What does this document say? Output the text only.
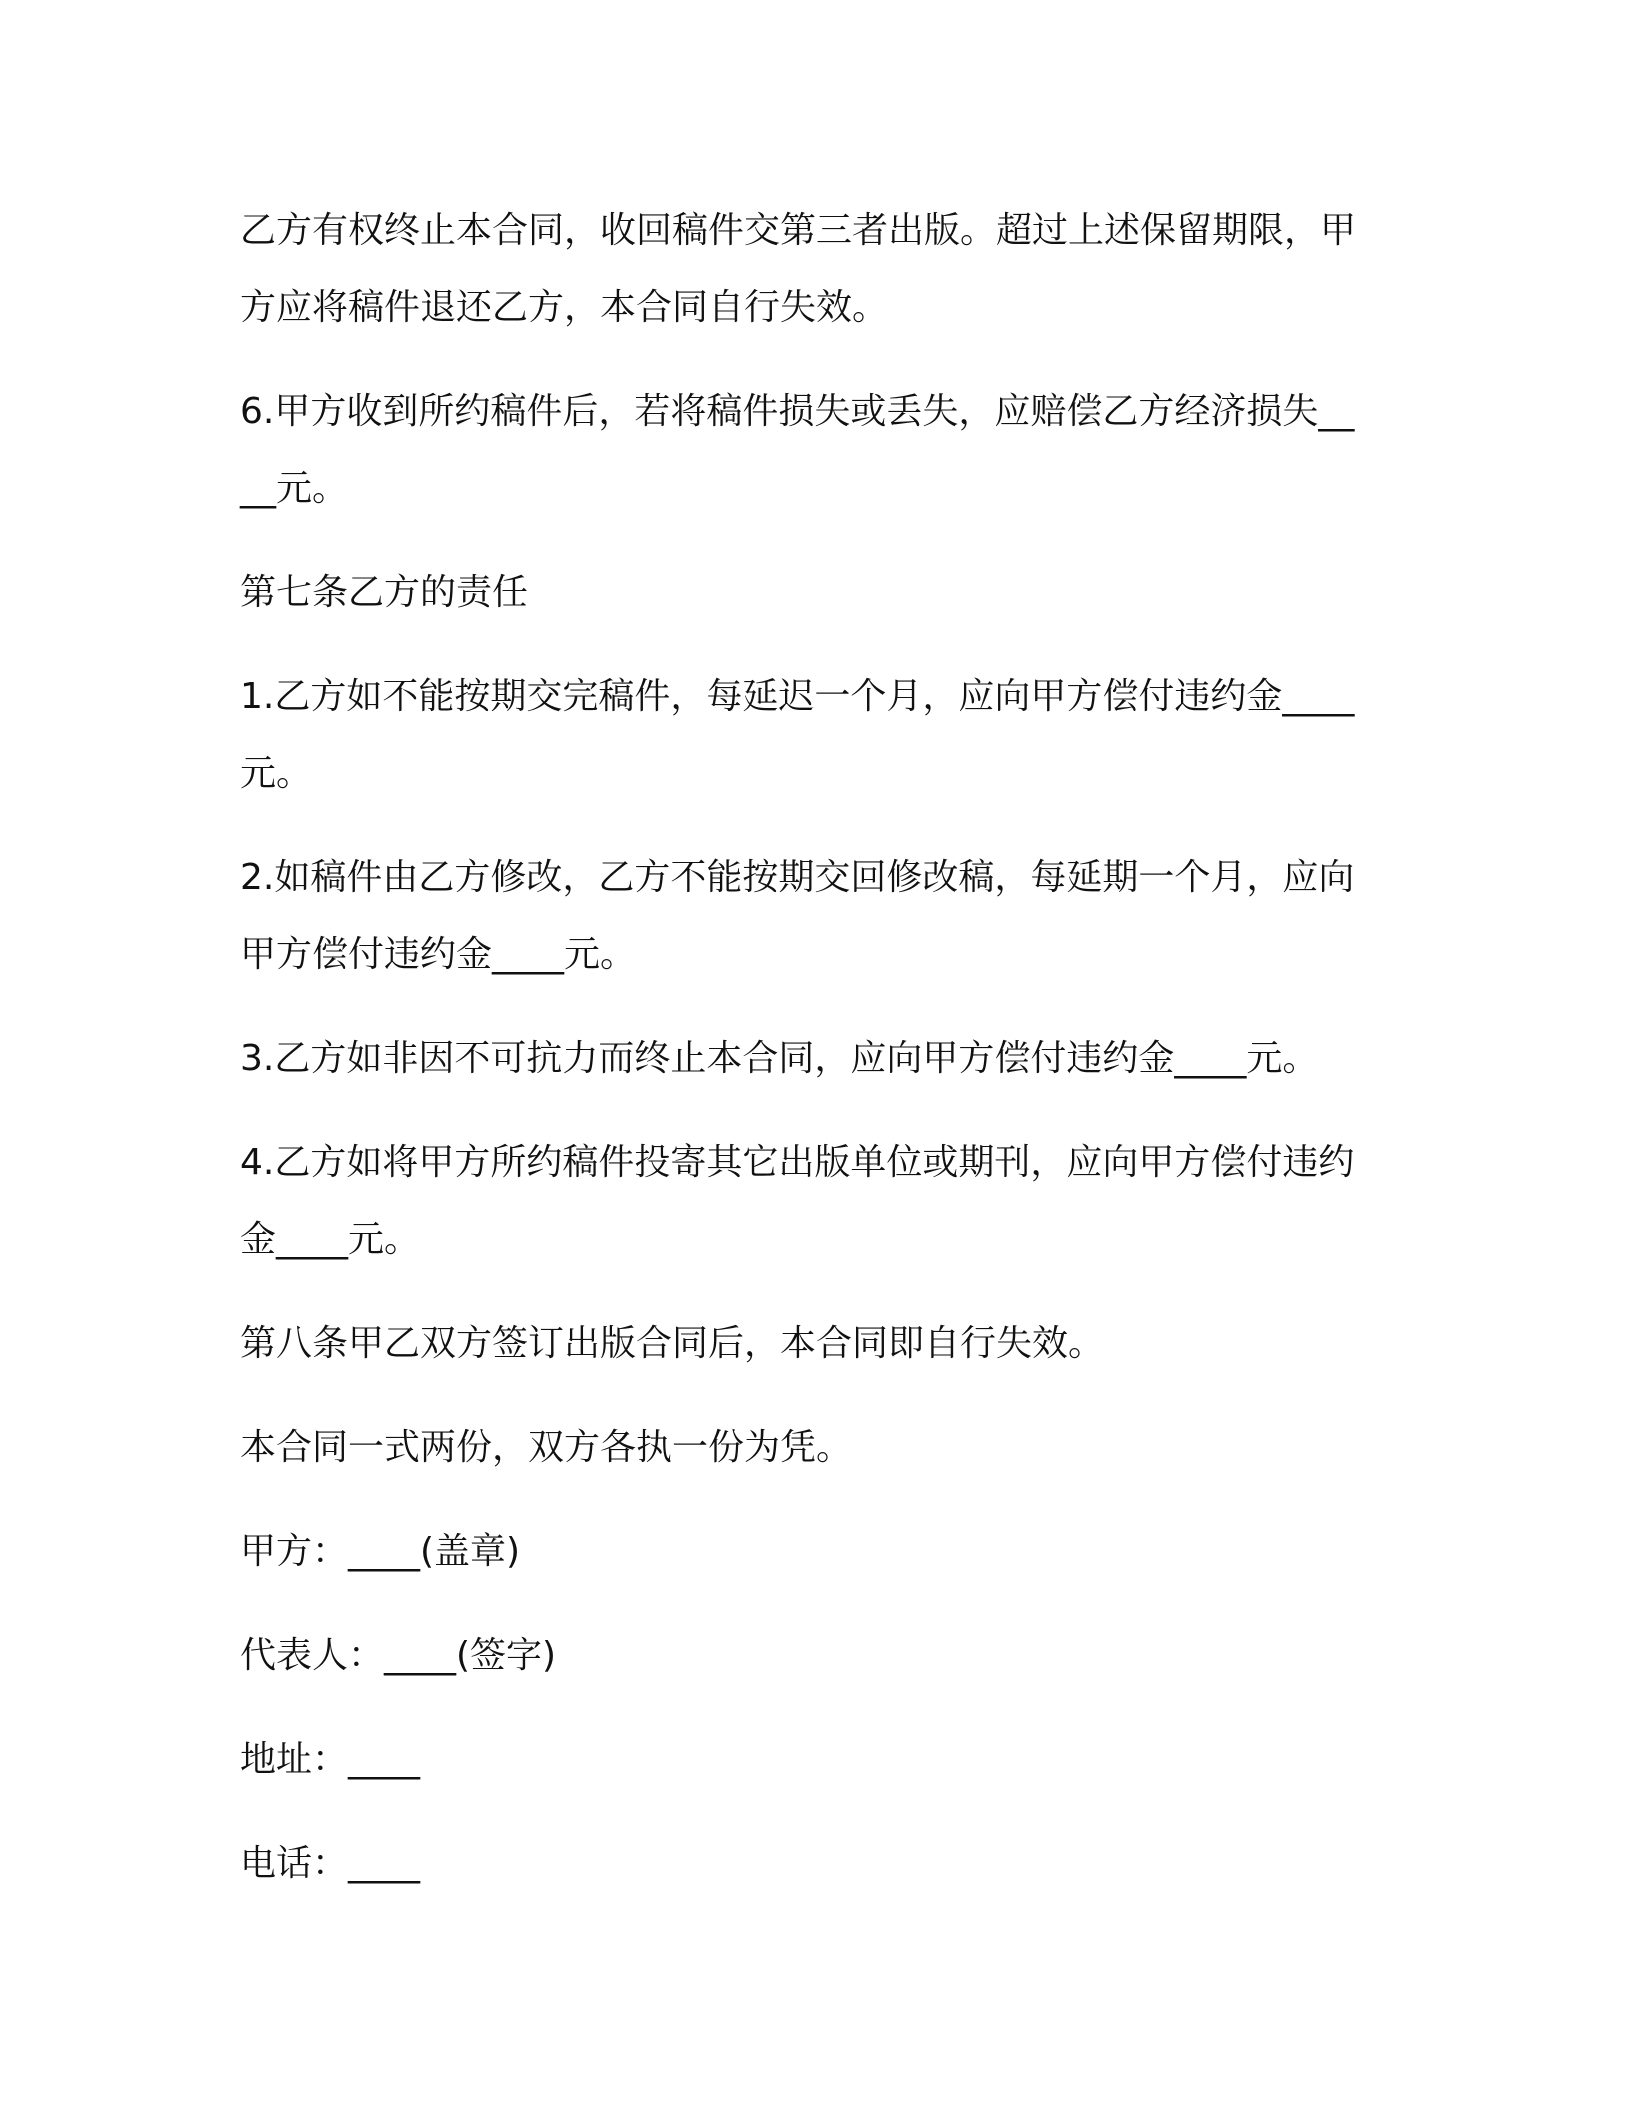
乙方有权终止本合同，收回稿件交第三者出版。超过上述保留期限，甲方应将稿件退还乙方，本合同自行失效。

6.甲方收到所约稿件后，若将稿件损失或丢失，应赔偿乙方经济损失____元。

第七条乙方的责任

1.乙方如不能按期交完稿件，每延迟一个月，应向甲方偿付违约金____元。

2.如稿件由乙方修改，乙方不能按期交回修改稿，每延期一个月，应向甲方偿付违约金____元。

3.乙方如非因不可抗力而终止本合同，应向甲方偿付违约金____元。

4.乙方如将甲方所约稿件投寄其它出版单位或期刊，应向甲方偿付违约金____元。

第八条甲乙双方签订出版合同后，本合同即自行失效。

本合同一式两份，双方各执一份为凭。

甲方：____(盖章)

代表人：____(签字)

地址：____

电话：____
